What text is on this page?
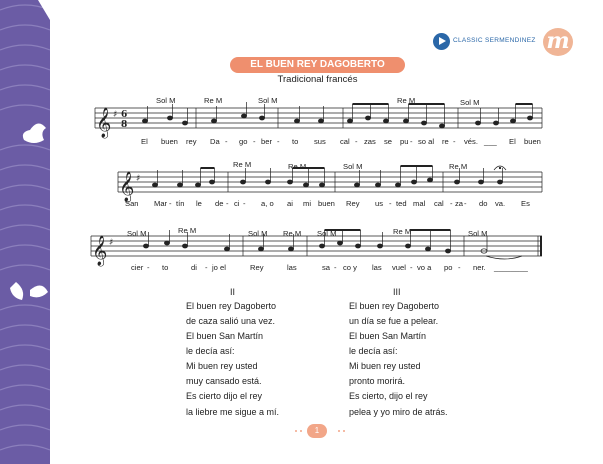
CLASSIC SERMENDINEZ m
EL BUEN REY DAGOBERTO
Tradicional francés
𝄞 ♯ 6
8
𝄞 ♯
𝄞 ♯
Sol M	Re M	Sol M	Re M	Sol M
El buen rey Da - go - ber - to sus cal - zas se pu - so al re - vés. ___ El buen
Re M	Re M	Sol M	Re M
San Mar - tín le de - ci - a, o ai mi buen Rey us - ted mal cal - za - do va. Es
Sol M	Re M	Sol M Re M Sol M	Re M	Sol M
cier - to	di - jo el	Rey	las	sa - co y las vuel - vo a po - ner. ________
II
El buen rey Dagoberto
de caza salió una vez.
El buen San Martín
le decía así:
Mi buen rey usted
muy cansado está.
Es cierto dijo el rey
la liebre me sigue a mí.
III
El buen rey Dagoberto
un día se fue a pelear.
El buen San Martín
le decía así:
Mi buen rey usted
pronto morirá.
Es cierto, dijo el rey
pelea y yo miro de atrás.
1
